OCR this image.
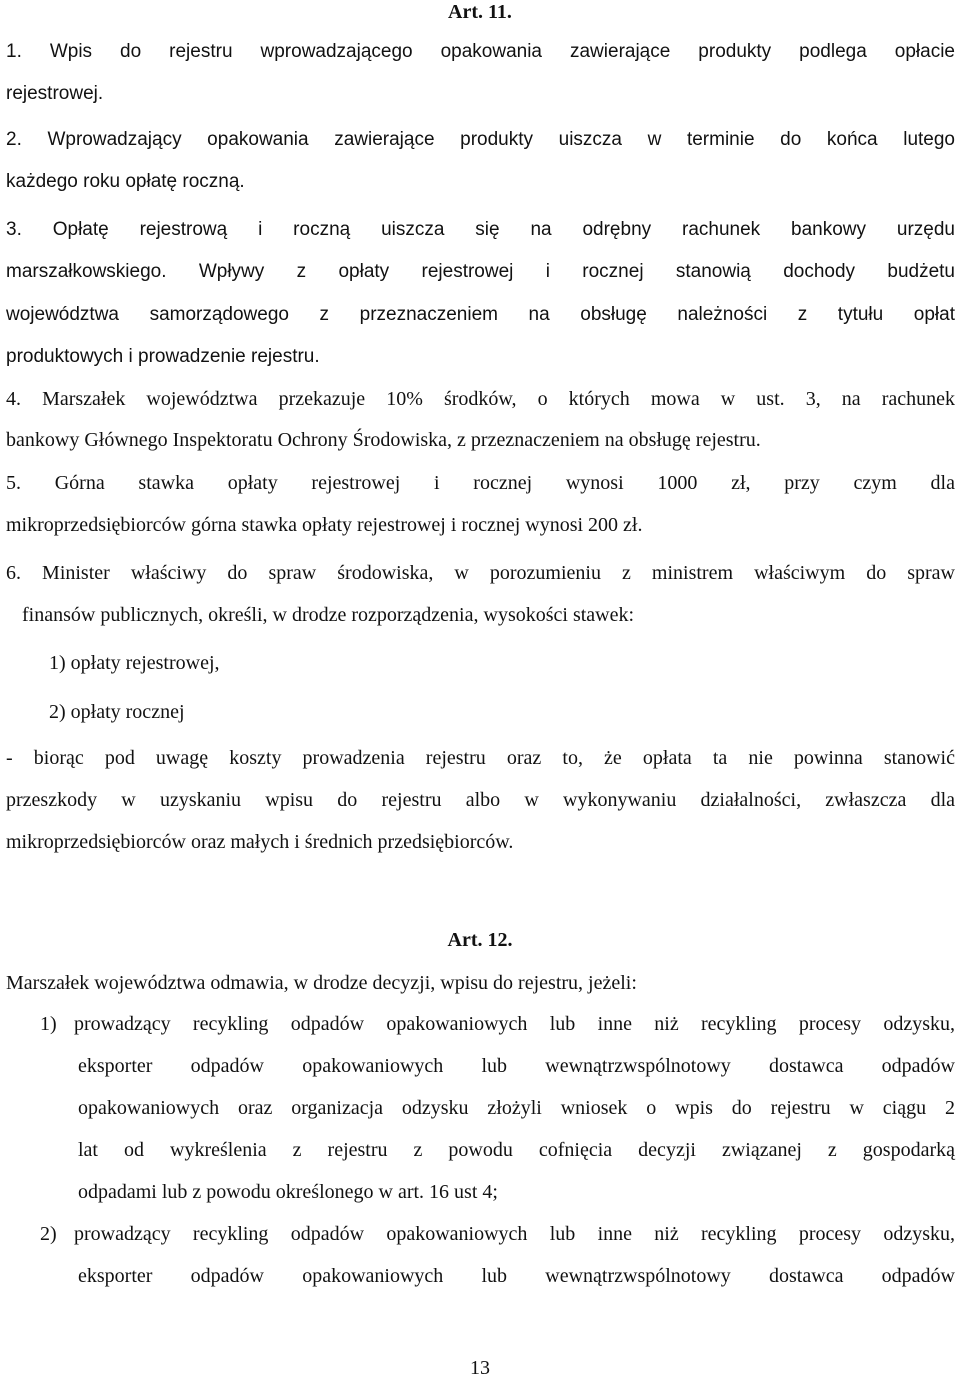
Art. 11.
1. Wpis do rejestru wprowadzającego opakowania zawierające produkty podlega opłacie
rejestrowej.
2. Wprowadzający opakowania zawierające produkty uiszcza w terminie do końca lutego
każdego roku opłatę roczną.
3. Opłatę rejestrową i roczną uiszcza się na odrębny rachunek bankowy urzędu
marszałkowskiego. Wpływy z opłaty rejestrowej i rocznej stanowią dochody budżetu
województwa samorządowego z przeznaczeniem na obsługę należności z tytułu opłat
produktowych i prowadzenie rejestru.
4. Marszałek województwa przekazuje 10% środków, o których mowa w ust. 3, na rachunek
bankowy Głównego Inspektoratu Ochrony Środowiska, z przeznaczeniem na obsługę rejestru.
5. Górna stawka opłaty rejestrowej i rocznej wynosi 1000 zł, przy czym dla
mikroprzedsiębiorców górna stawka opłaty rejestrowej i rocznej wynosi 200 zł.
6. Minister właściwy do spraw środowiska, w porozumieniu z ministrem właściwym do spraw
finansów publicznych, określi, w drodze rozporządzenia, wysokości stawek:
1) opłaty rejestrowej,
2) opłaty rocznej
- biorąc pod uwagę koszty prowadzenia rejestru oraz to, że opłata ta nie powinna stanowić
przeszkody w uzyskaniu wpisu do rejestru albo w wykonywaniu działalności, zwłaszcza dla
mikroprzedsiębiorców oraz małych i średnich przedsiębiorców.
Art. 12.
Marszałek województwa odmawia, w drodze decyzji, wpisu do rejestru, jeżeli:
1) prowadzący recykling odpadów opakowaniowych lub inne niż recykling procesy odzysku,
eksporter odpadów opakowaniowych lub wewnątrzwspólnotowy dostawca odpadów
opakowaniowych oraz organizacja odzysku złożyli wniosek o wpis do rejestru w ciągu 2
lat od wykreślenia z rejestru z powodu cofnięcia decyzji związanej z gospodarką
odpadami lub z powodu określonego w art. 16 ust 4;
2) prowadzący recykling odpadów opakowaniowych lub inne niż recykling procesy odzysku,
eksporter odpadów opakowaniowych lub wewnątrzwspólnotowy dostawca odpadów
13
